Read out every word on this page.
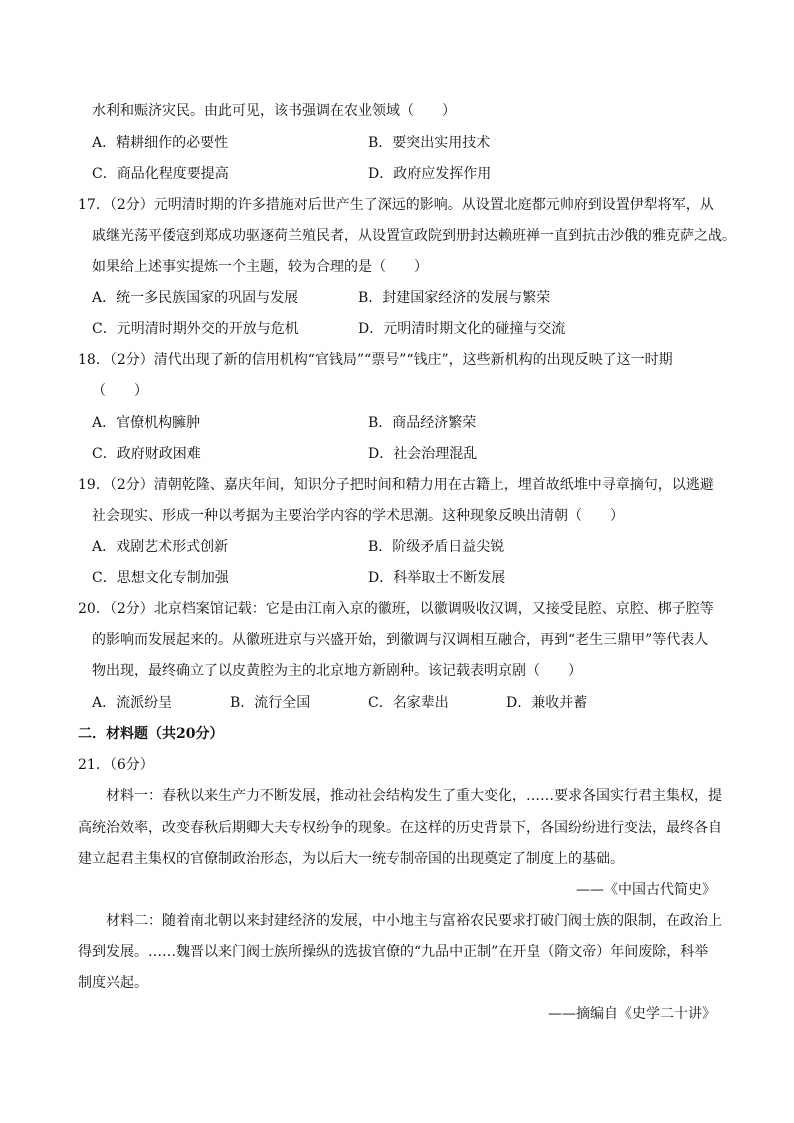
水利和赈济灾民。由此可见，该书强调在农业领域（　　）
A．精耕细作的必要性	B．要突出实用技术
C．商品化程度要提高	D．政府应发挥作用
17．（2分）元明清时期的许多措施对后世产生了深远的影响。从设置北庭都元帅府到设置伊犁将军，从
戚继光荡平倭寇到郑成功驱逐荷兰殖民者，从设置宣政院到册封达赖班禅一直到抗击沙俄的雅克萨之战。
如果给上述事实提炼一个主题，较为合理的是（　　）
A．统一多民族国家的巩固与发展	B．封建国家经济的发展与繁荣
C．元明清时期外交的开放与危机	D．元明清时期文化的碰撞与交流
18．（2分）清代出现了新的信用机构“官钱局”“票号”“钱庄”，这些新机构的出现反映了这一时期
（　　）
A．官僚机构臃肿	B．商品经济繁荣
C．政府财政困难	D．社会治理混乱
19．（2分）清朝乾隆、嘉庆年间，知识分子把时间和精力用在古籍上，埋首故纸堆中寻章摘句，以逃避
社会现实、形成一种以考据为主要治学内容的学术思潮。这种现象反映出清朝（　　）
A．戏剧艺术形式创新	B．阶级矛盾日益尖锐
C．思想文化专制加强	D．科举取士不断发展
20．（2分）北京档案馆记载：它是由江南入京的徽班，以徽调吸收汉调，又接受昆腔、京腔、梆子腔等
的影响而发展起来的。从徽班进京与兴盛开始，到徽调与汉调相互融合，再到“老生三鼎甲”等代表人
物出现，最终确立了以皮黄腔为主的北京地方新剧种。该记载表明京剧（　　）
A．流派纷呈	B．流行全国	C．名家辈出	D．兼收并蓄
二．材料题（共20分）
21．（6分）
材料一：春秋以来生产力不断发展，推动社会结构发生了重大变化，……要求各国实行君主集权，提
高统治效率，改变春秋后期卿大夫专权纷争的现象。在这样的历史背景下，各国纷纷进行变法，最终各自
建立起君主集权的官僚制政治形态，为以后大一统专制帝国的出现奠定了制度上的基础。
——《中国古代简史》
材料二：随着南北朝以来封建经济的发展，中小地主与富裕农民要求打破门阀士族的限制，在政治上
得到发展。……魏晋以来门阀士族所操纵的选拔官僚的“九品中正制”在开皇（隋文帝）年间废除，科举
制度兴起。
——摘编自《史学二十讲》
